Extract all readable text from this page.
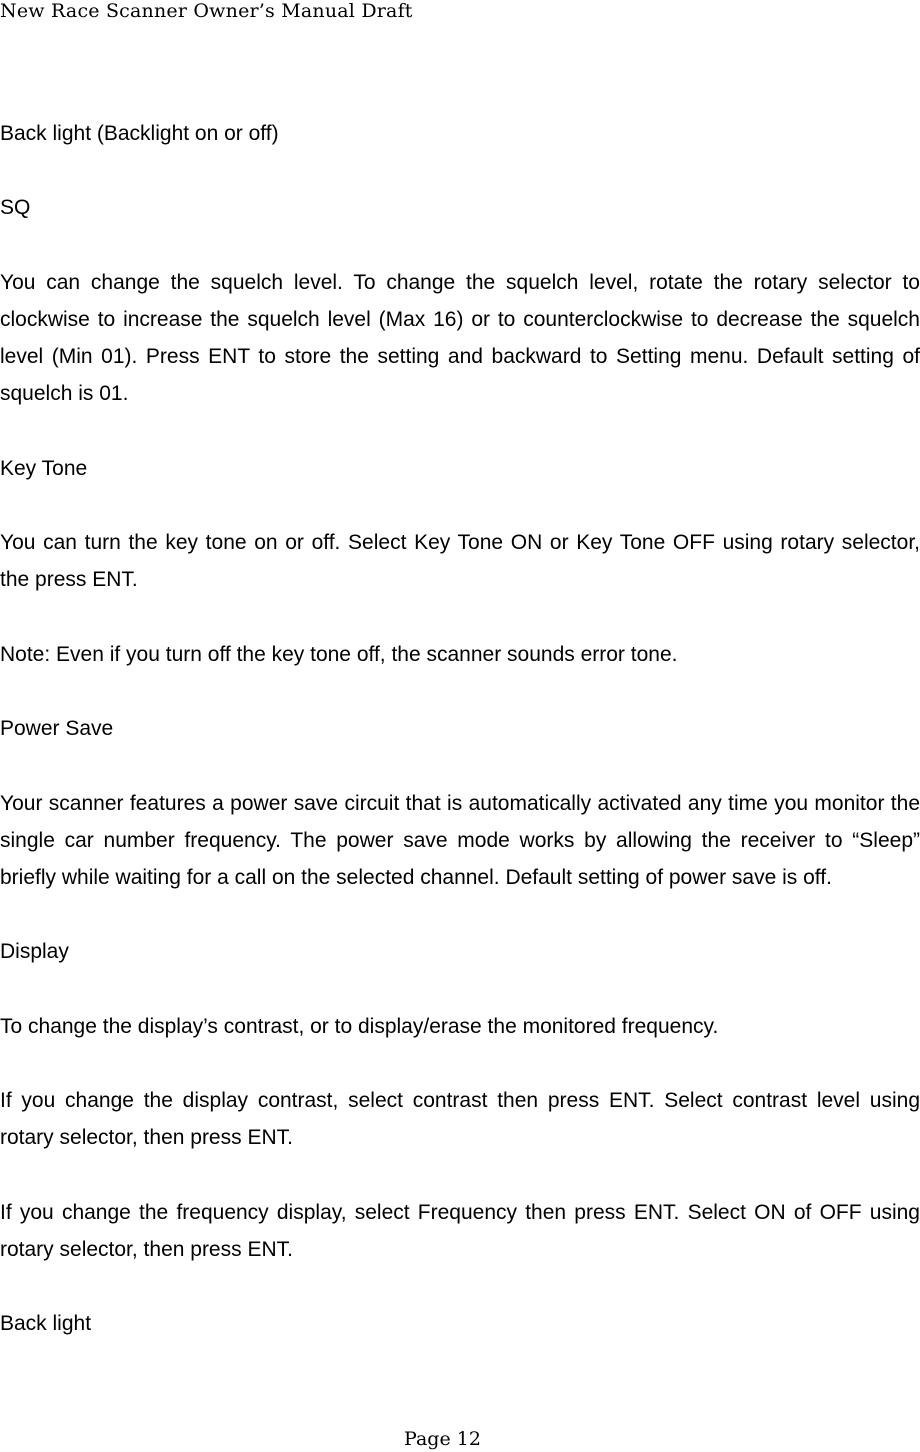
New Race Scanner Owner’s Manual Draft

Back light (Backlight on or off)

SQ

You can change the squelch level. To change the squelch level, rotate the rotary selector to clockwise to increase the squelch level (Max 16) or to counterclockwise to decrease the squelch level (Min 01). Press ENT to store the setting and backward to Setting menu. Default setting of squelch is 01.

Key Tone

You can turn the key tone on or off. Select Key Tone ON or Key Tone OFF using rotary selector, the press ENT.

Note: Even if you turn off the key tone off, the scanner sounds error tone.

Power Save

Your scanner features a power save circuit that is automatically activated any time you monitor the single car number frequency. The power save mode works by allowing the receiver to “Sleep” briefly while waiting for a call on the selected channel. Default setting of power save is off.

Display

To change the display’s contrast, or to display/erase the monitored frequency.

If you change the display contrast, select contrast then press ENT. Select contrast level using rotary selector, then press ENT.

If you change the frequency display, select Frequency then press ENT. Select ON of OFF using rotary selector, then press ENT.

Back light

Page 12
